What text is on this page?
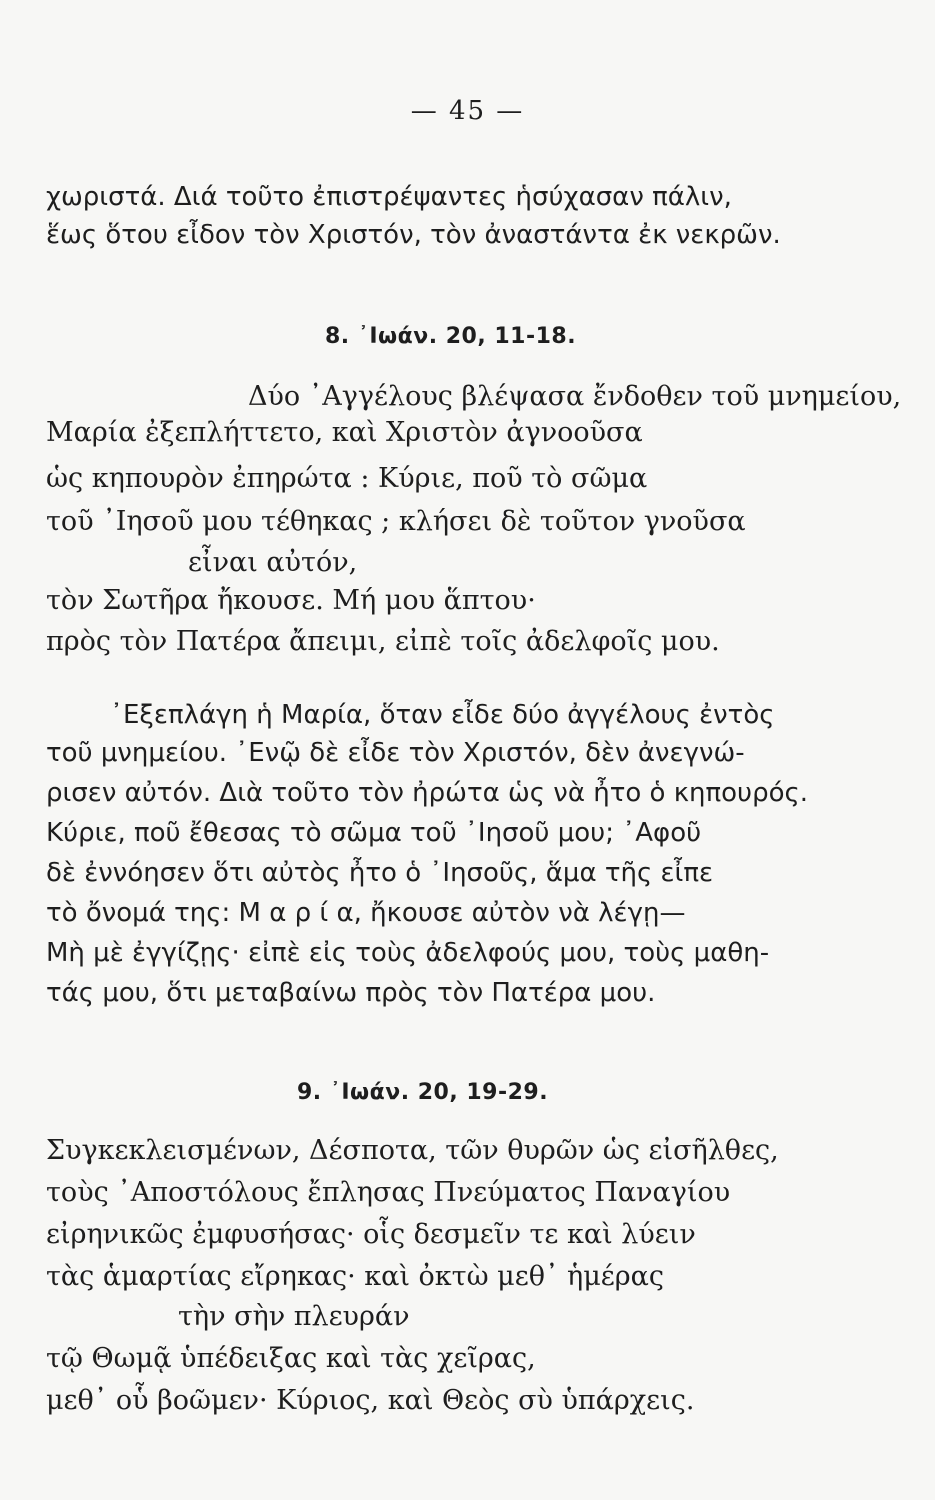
— 45 —
χωριστά. Διά τοῦτο ἐπιστρέψαντες ἡσύχασαν πάλιν,
ἕως ὅτου εἶδον τὸν Χριστόν, τὸν ἀναστάντα ἐκ νεκρῶν.
8. ᾿Ιωάν. 20, 11-18.
Δύο ᾿Αγγέλους βλέψασα ἔνδοθεν τοῦ μνημείου,
Μαρία ἐξεπλήττετο, καὶ Χριστὸν ἀγνοοῦσα
ὡς κηπουρὸν ἐπηρώτα : Κύριε, ποῦ τὸ σῶμα
τοῦ ᾿Ιησοῦ μου τέθηκας ; κλήσει δὲ τοῦτον γνοῦσα
εἶναι αὐτόν,
τὸν Σωτῆρα ἤκουσε. Μή μου ἅπτου·
πρὸς τὸν Πατέρα ἄπειμι, εἰπὲ τοῖς ἀδελφοῖς μου.
᾿Εξεπλάγη ἡ Μαρία, ὅταν εἶδε δύο ἀγγέλους ἐντὸς
τοῦ μνημείου. ᾿Ενῷ δὲ εἶδε τὸν Χριστόν, δὲν ἀνεγνώ-
ρισεν αὐτόν. Διὰ τοῦτο τὸν ἠρώτα ὡς νὰ ἦτο ὁ κηπουρός.
Κύριε, ποῦ ἔθεσας τὸ σῶμα τοῦ ᾿Ιησοῦ μου; ᾿Αφοῦ
δὲ ἐννόησεν ὅτι αὐτὸς ἦτο ὁ ᾿Ιησοῦς, ἅμα τῆς εἶπε
τὸ ὄνομά της: Μ α ρ ί α, ἤκουσε αὐτὸν νὰ λέγῃ—
Μὴ μὲ ἐγγίζῃς· εἰπὲ εἰς τοὺς ἀδελφούς μου, τοὺς μαθη-
τάς μου, ὅτι μεταβαίνω πρὸς τὸν Πατέρα μου.
9. ᾿Ιωάν. 20, 19-29.
Συγκεκλεισμένων, Δέσποτα, τῶν θυρῶν ὡς εἰσῆλθες,
τοὺς ᾿Αποστόλους ἔπλησας Πνεύματος Παναγίου
εἰρηνικῶς ἐμφυσήσας· οἷς δεσμεῖν τε καὶ λύειν
τὰς ἁμαρτίας εἴρηκας· καὶ ὀκτὼ μεθ᾿ ἡμέρας
τὴν σὴν πλευράν
τῷ Θωμᾷ ὑπέδειξας καὶ τὰς χεῖρας,
μεθ᾿ οὗ βοῶμεν· Κύριος, καὶ Θεὸς σὺ ὑπάρχεις.
